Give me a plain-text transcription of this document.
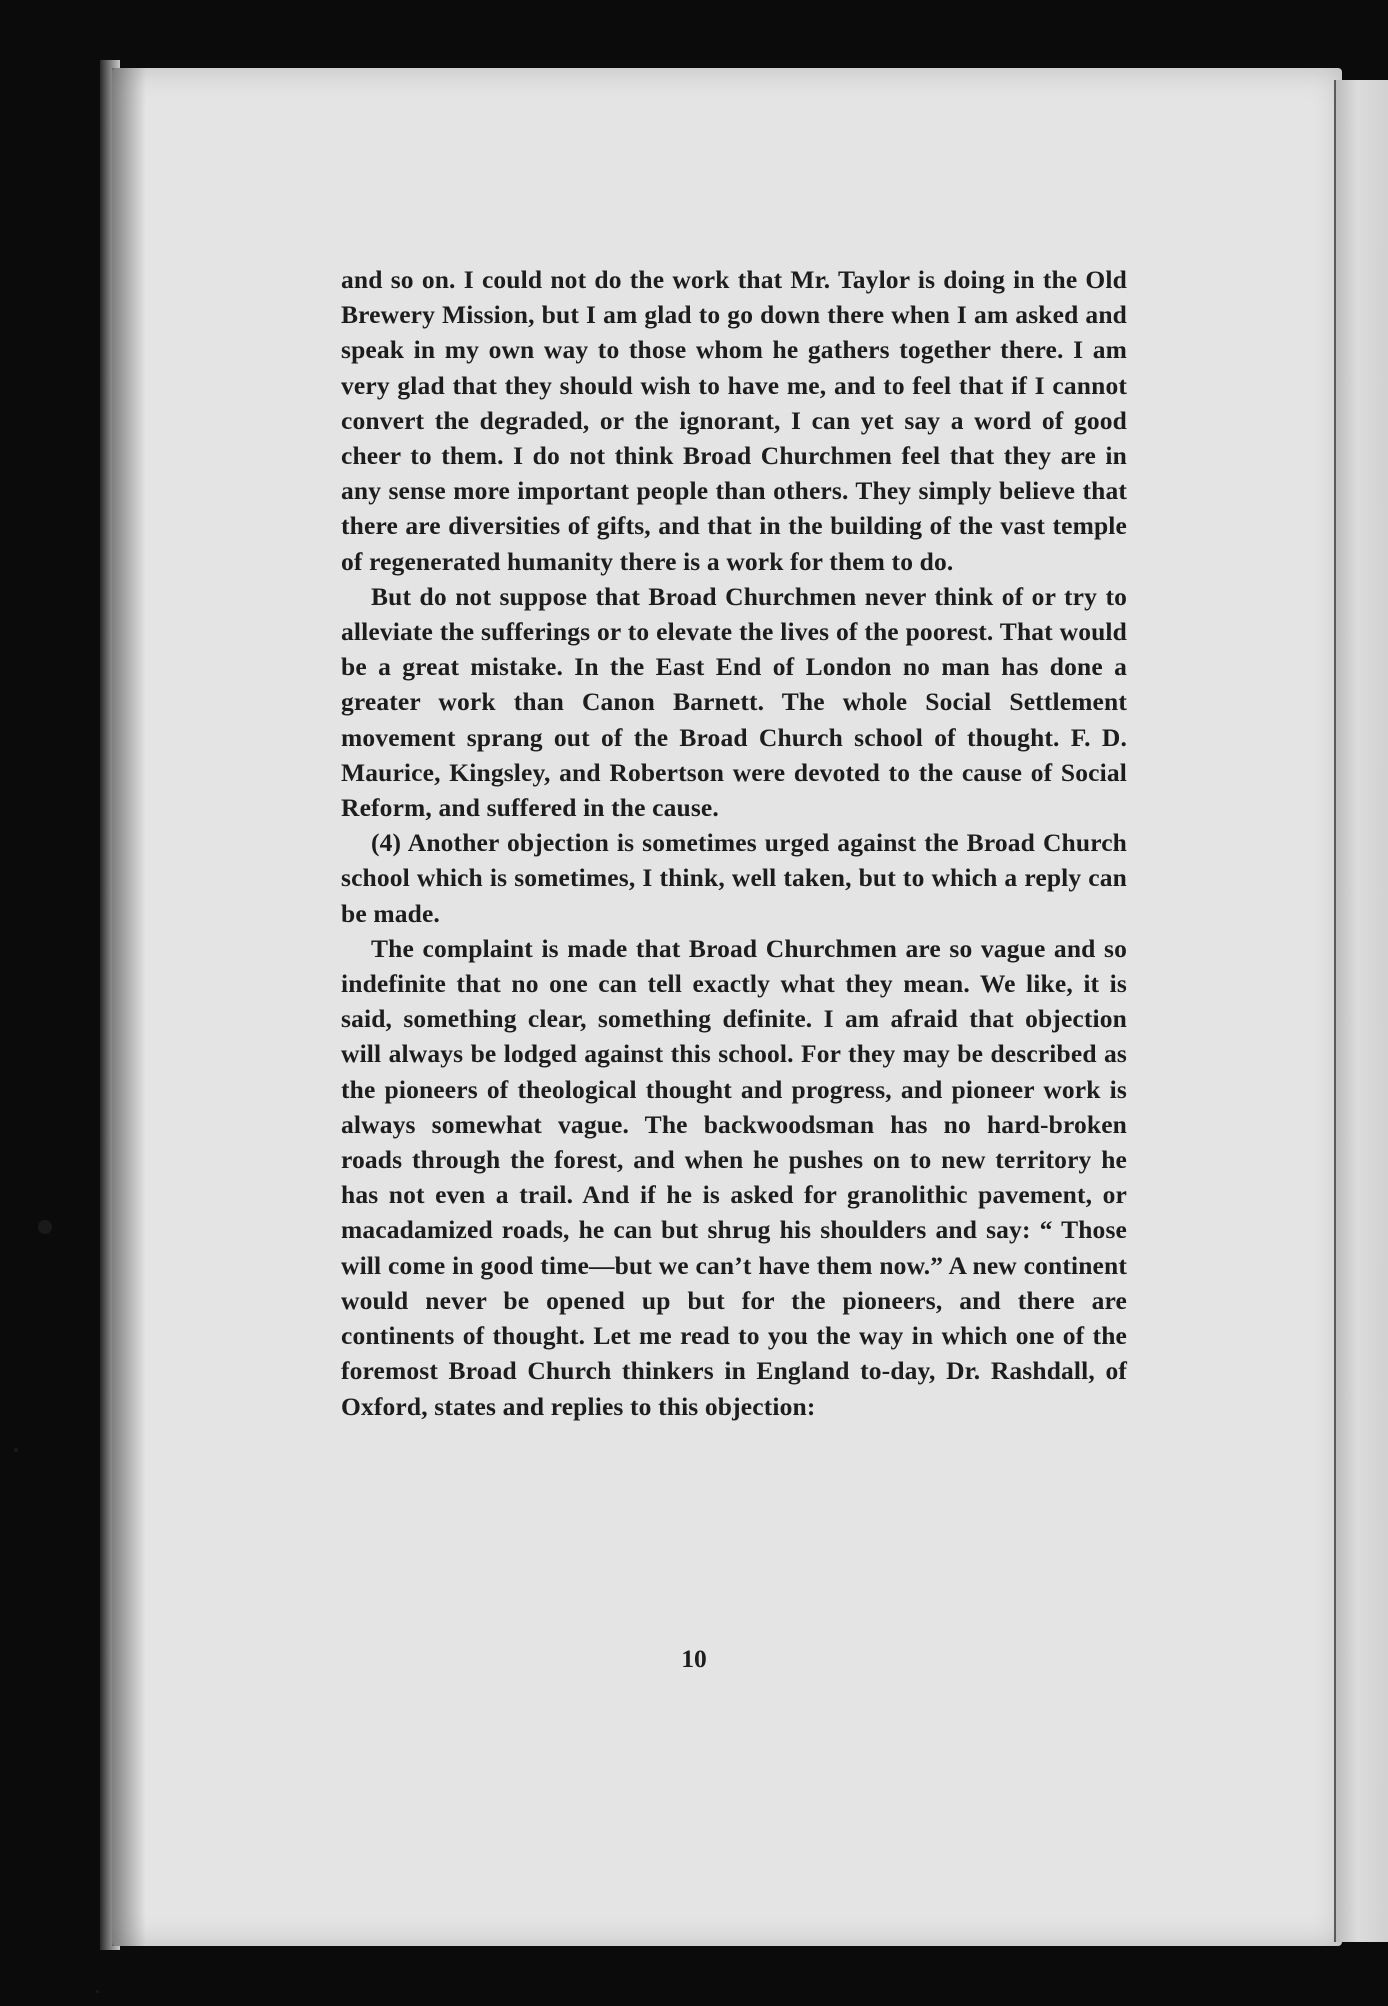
and so on. I could not do the work that Mr. Taylor is doing in the Old Brewery Mission, but I am glad to go down there when I am asked and speak in my own way to those whom he gathers together there. I am very glad that they should wish to have me, and to feel that if I cannot convert the degraded, or the ignorant, I can yet say a word of good cheer to them. I do not think Broad Churchmen feel that they are in any sense more important people than others. They simply believe that there are diversities of gifts, and that in the building of the vast temple of regenerated humanity there is a work for them to do.

But do not suppose that Broad Churchmen never think of or try to alleviate the sufferings or to elevate the lives of the poorest. That would be a great mistake. In the East End of London no man has done a greater work than Canon Barnett. The whole Social Settlement movement sprang out of the Broad Church school of thought. F. D. Maurice, Kingsley, and Robertson were devoted to the cause of Social Reform, and suffered in the cause.

(4) Another objection is sometimes urged against the Broad Church school which is sometimes, I think, well taken, but to which a reply can be made.

The complaint is made that Broad Churchmen are so vague and so indefinite that no one can tell exactly what they mean. We like, it is said, something clear, something definite. I am afraid that objection will always be lodged against this school. For they may be described as the pioneers of theological thought and progress, and pioneer work is always somewhat vague. The backwoodsman has no hard-broken roads through the forest, and when he pushes on to new territory he has not even a trail. And if he is asked for granolithic pavement, or macadamized roads, he can but shrug his shoulders and say: “ Those will come in good time—but we can’t have them now.” A new continent would never be opened up but for the pioneers, and there are continents of thought. Let me read to you the way in which one of the foremost Broad Church thinkers in England to-day, Dr. Rashdall, of Oxford, states and replies to this objection:

10
